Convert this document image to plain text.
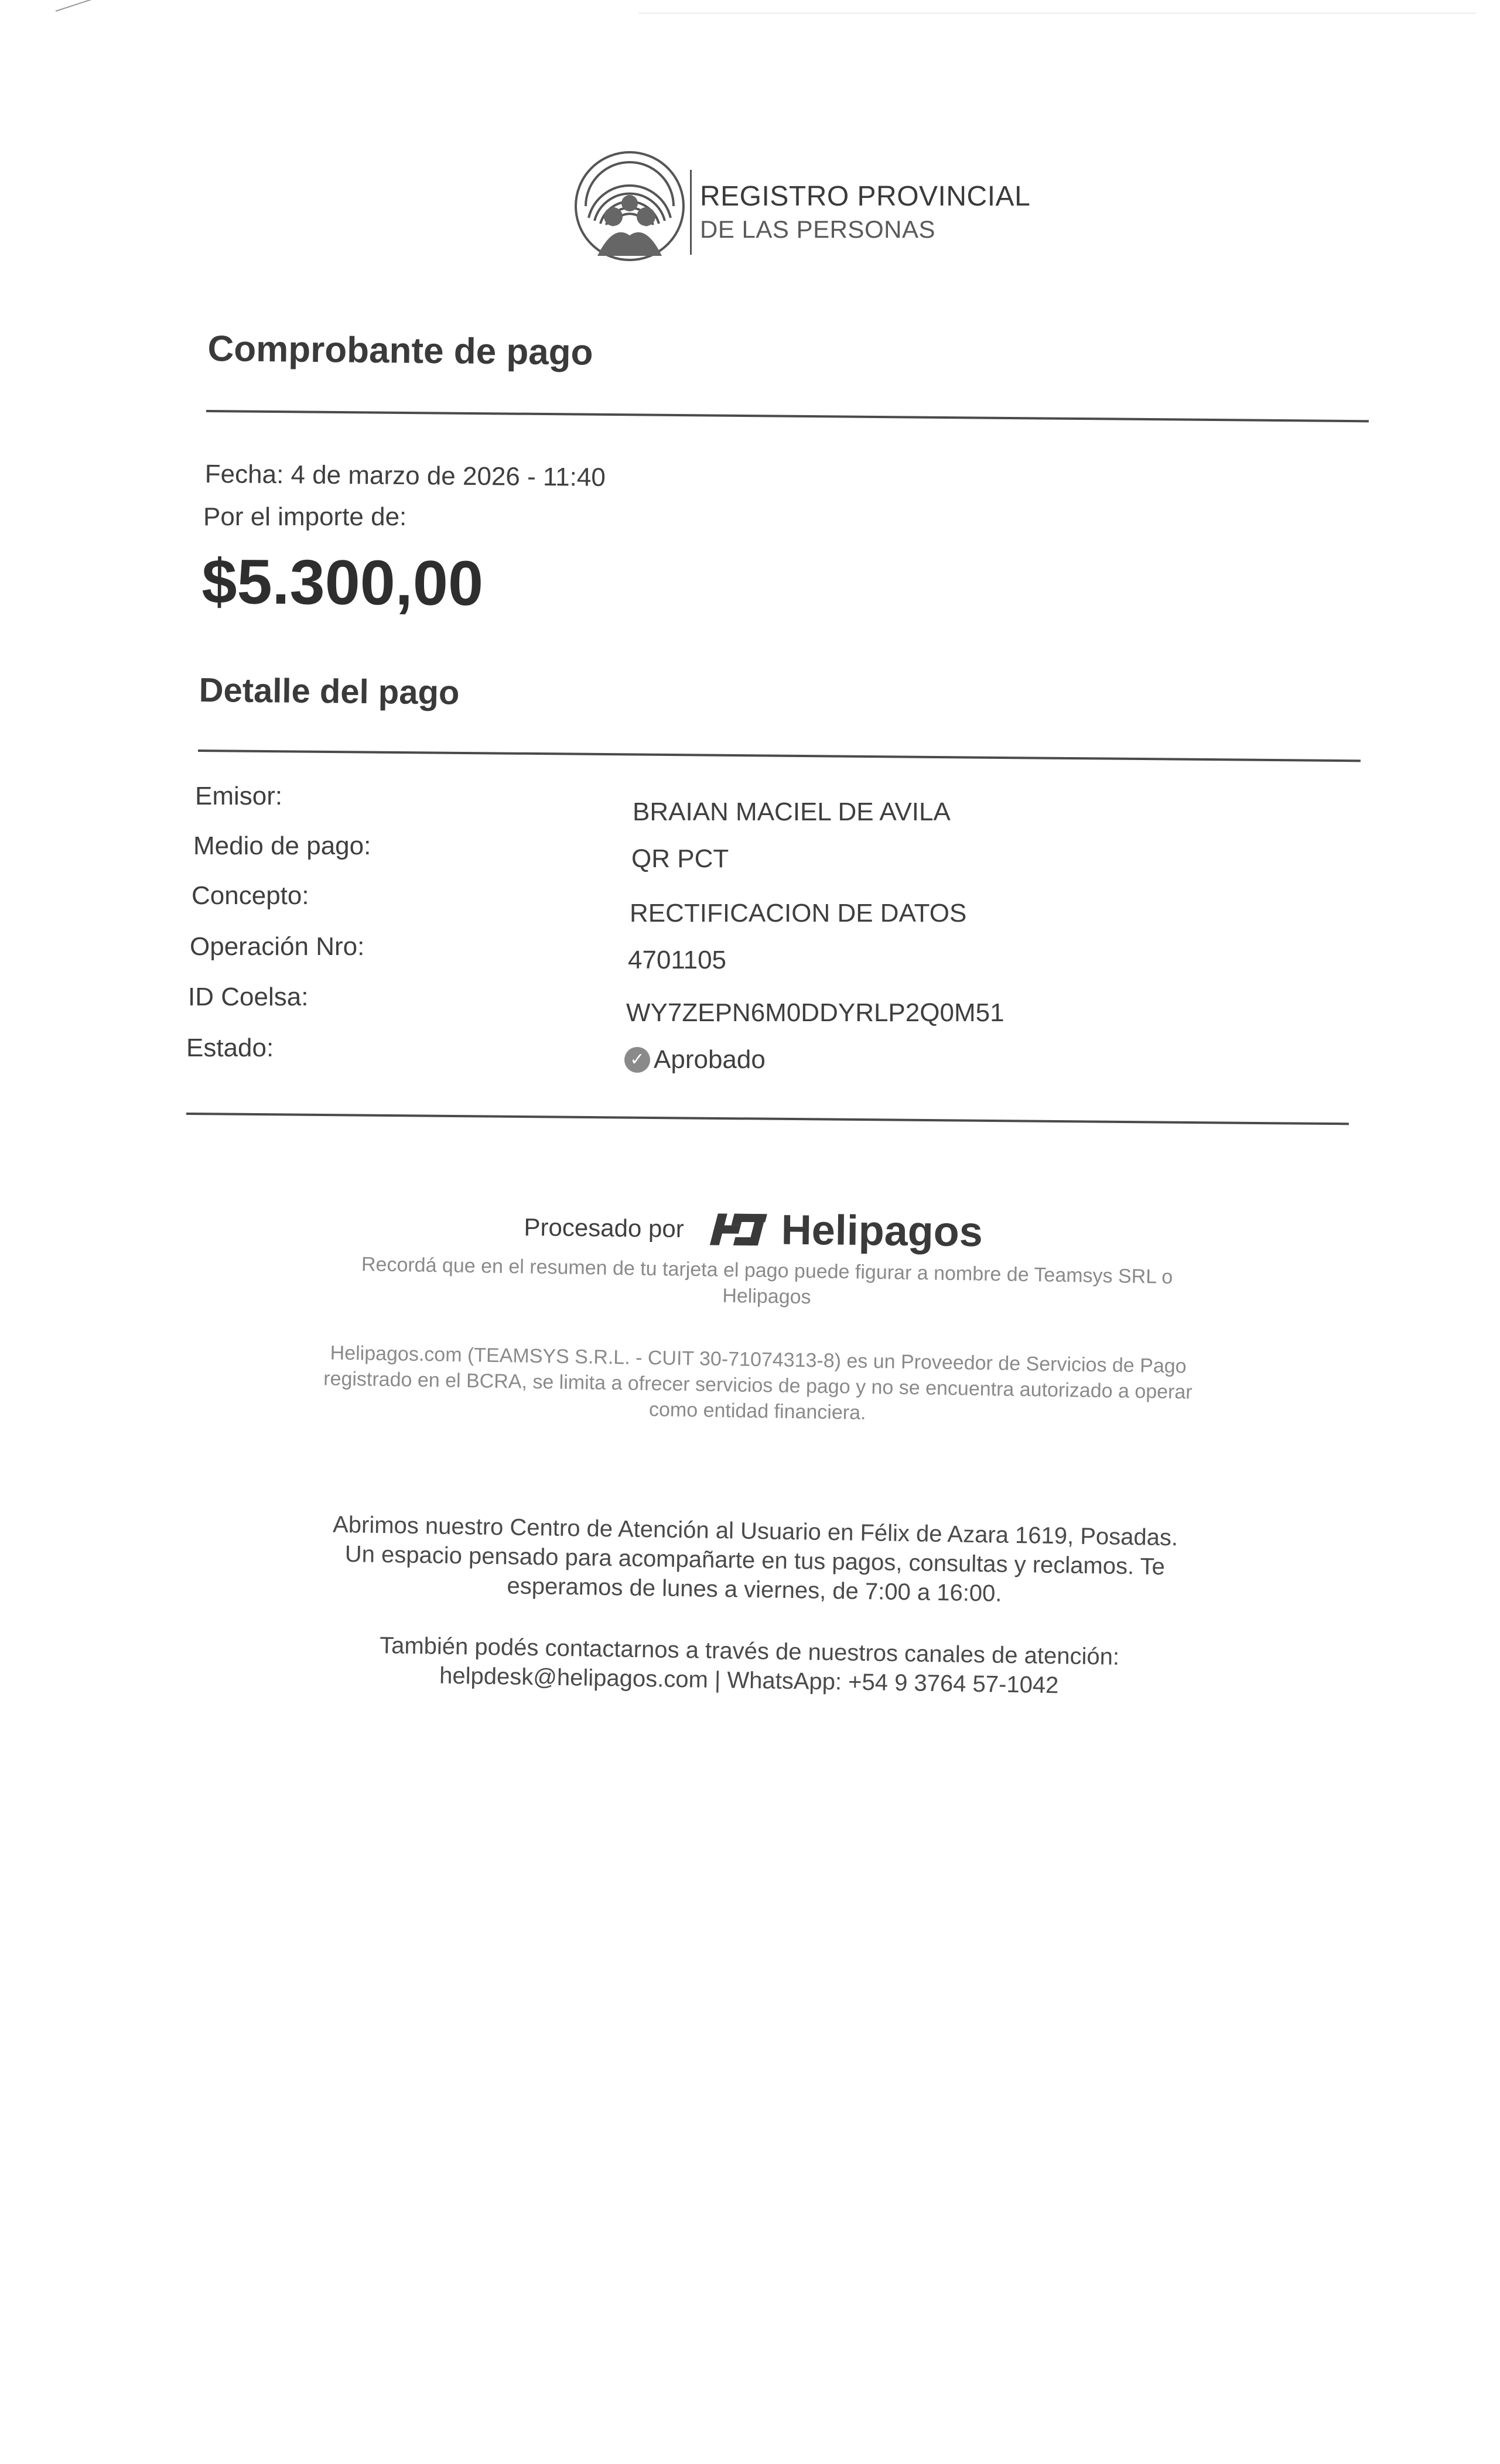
REGISTRO PROVINCIAL
DE LAS PERSONAS
Comprobante de pago
Fecha: 4 de marzo de 2026 - 11:40
Por el importe de:
$5.300,00
Detalle del pago
Emisor:
BRAIAN MACIEL DE AVILA
Medio de pago:	QR PCT
Concepto:
RECTIFICACION DE DATOS
Operación Nro:	4701105
ID Coelsa:
WY7ZEPN6M0DDYRLP2Q0M51
Estado:	✓ Aprobado
Procesado por Helipagos
Recordá que en el resumen de tu tarjeta el pago puede figurar a nombre de Teamsys SRL o
Helipagos
Helipagos.com (TEAMSYS S.R.L. - CUIT 30-71074313-8) es un Proveedor de Servicios de Pago
registrado en el BCRA, se limita a ofrecer servicios de pago y no se encuentra autorizado a operar
como entidad financiera.
Abrimos nuestro Centro de Atención al Usuario en Félix de Azara 1619, Posadas.
Un espacio pensado para acompañarte en tus pagos, consultas y reclamos. Te
esperamos de lunes a viernes, de 7:00 a 16:00.
También podés contactarnos a través de nuestros canales de atención:
helpdesk@helipagos.com | WhatsApp: +54 9 3764 57-1042
